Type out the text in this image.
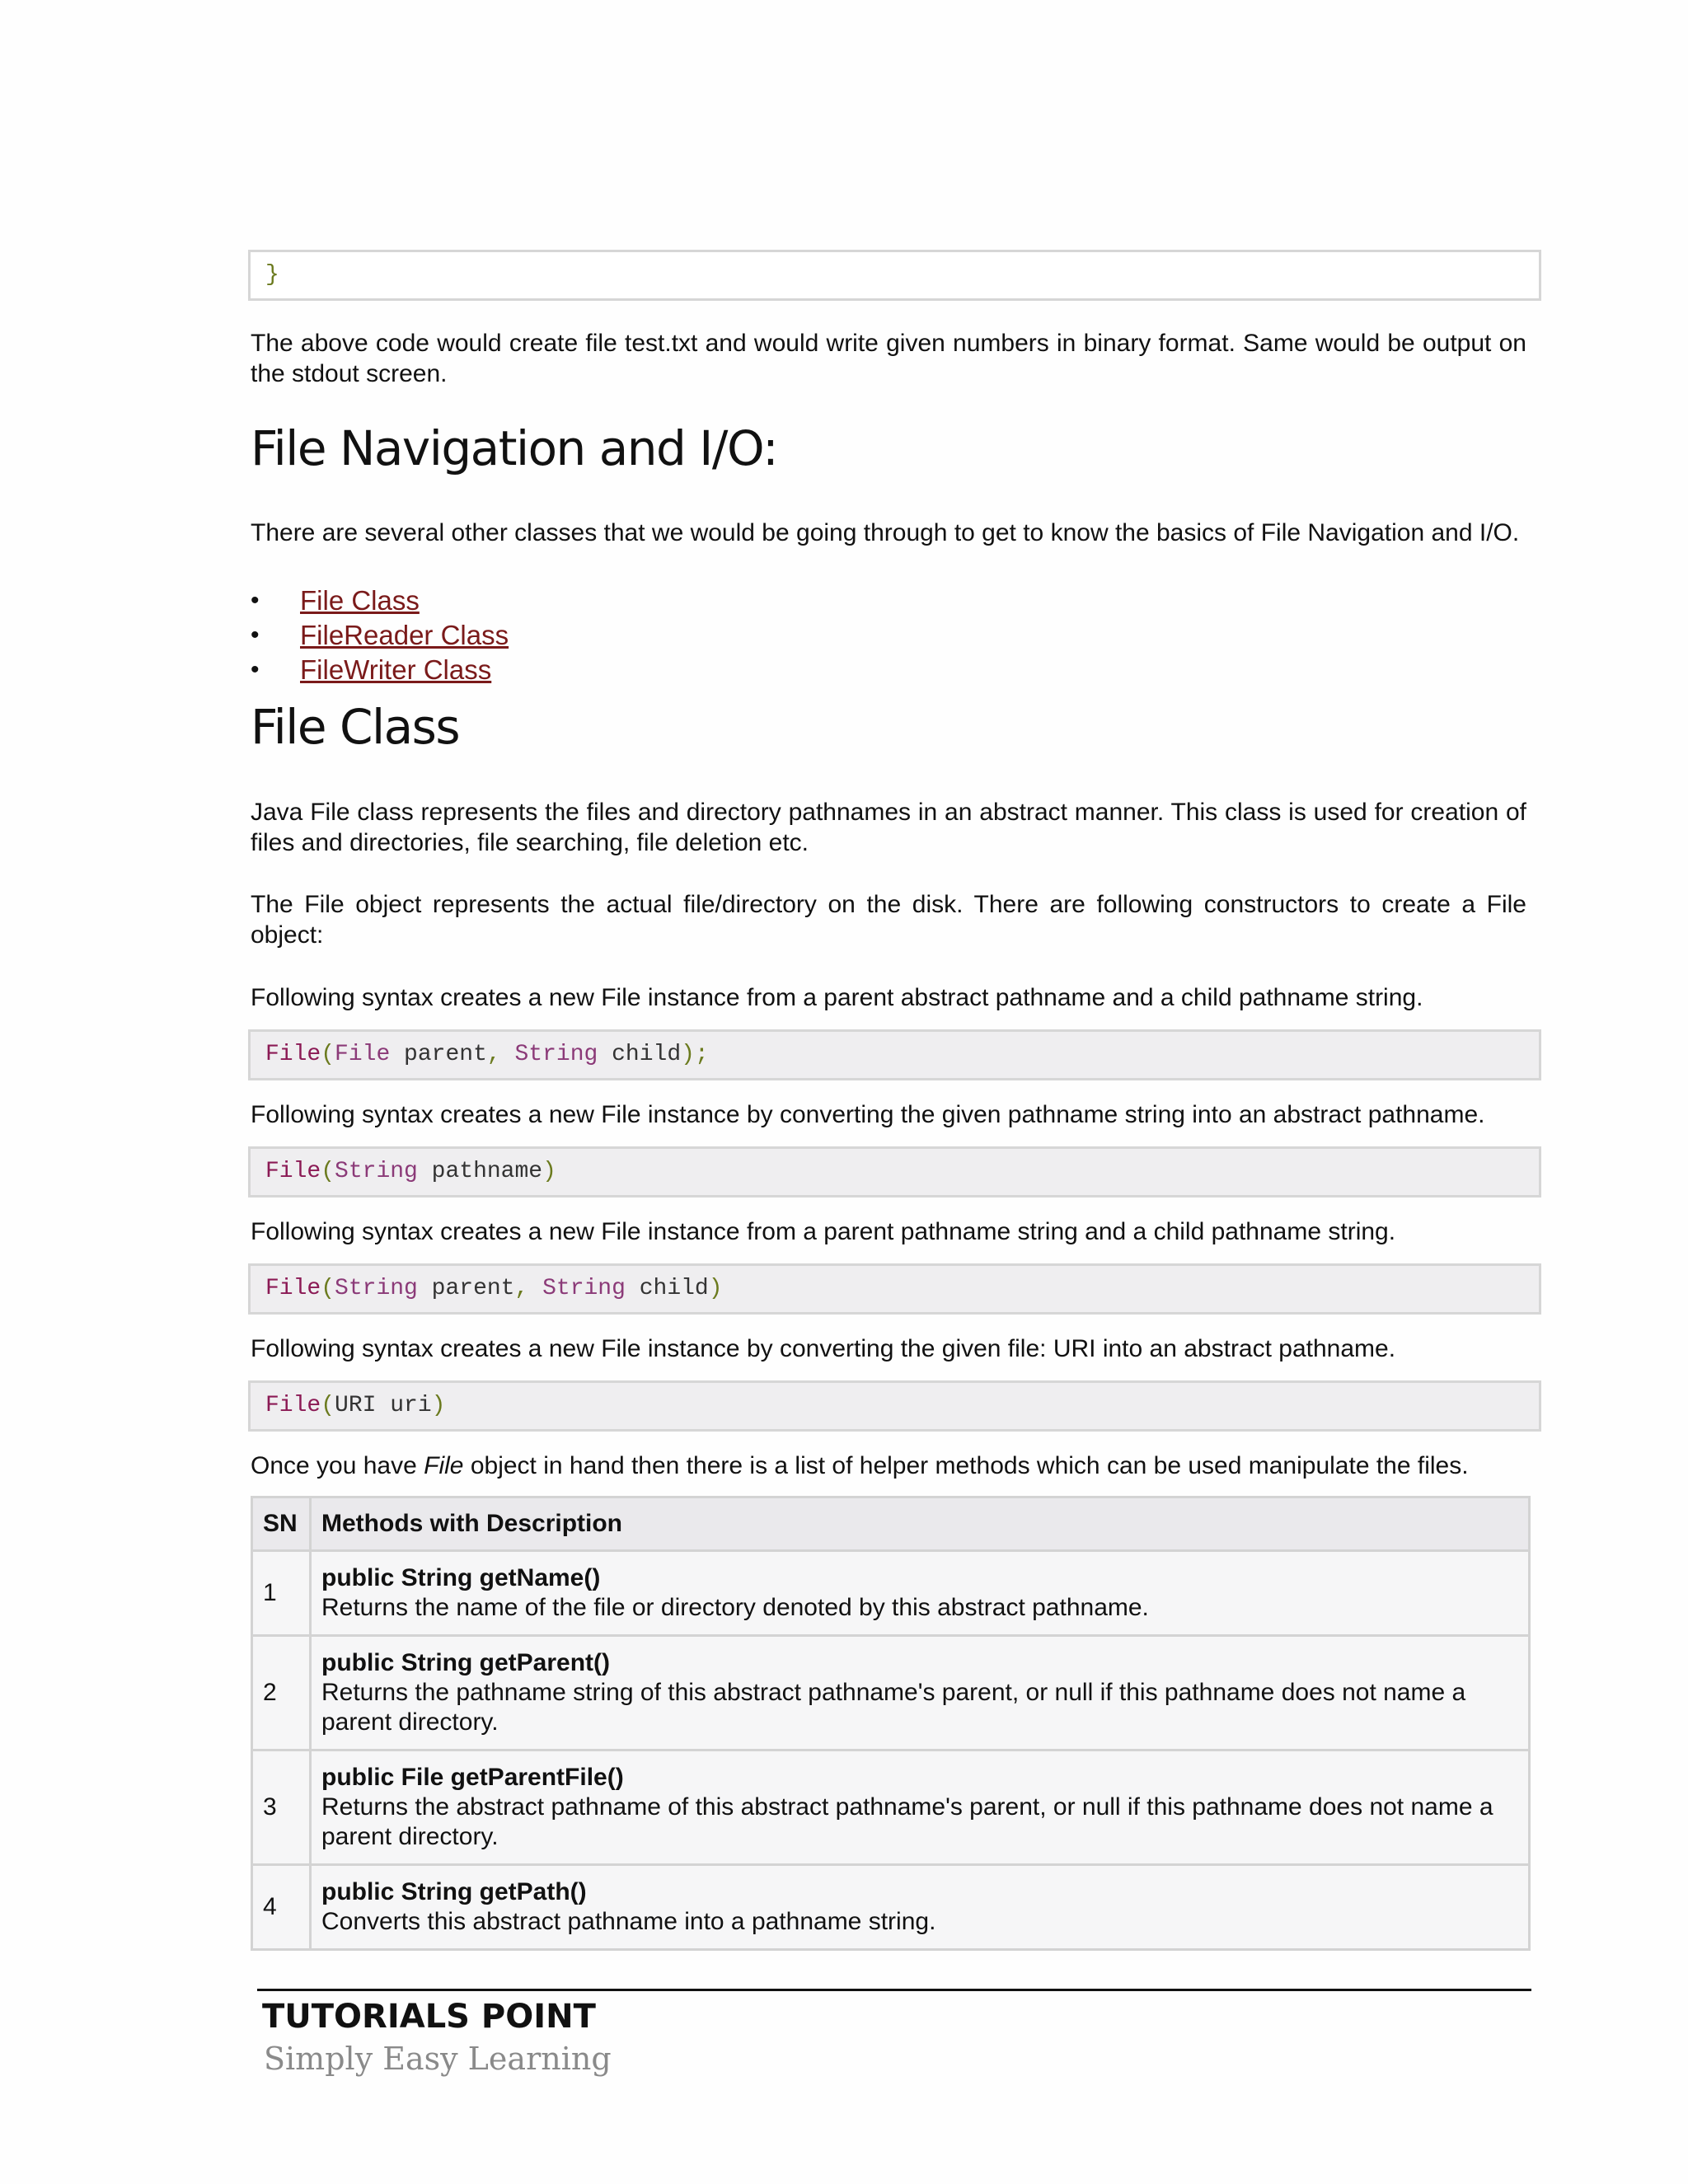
}

The above code would create file test.txt and would write given numbers in binary format. Same would be output on the stdout screen.

File Navigation and I/O:

There are several other classes that we would be going through to get to know the basics of File Navigation and I/O.

• File Class
• FileReader Class
• FileWriter Class
File Class

Java File class represents the files and directory pathnames in an abstract manner. This class is used for creation of files and directories, file searching, file deletion etc.

The File object represents the actual file/directory on the disk. There are following constructors to create a File object:

Following syntax creates a new File instance from a parent abstract pathname and a child pathname string.

File(File parent, String child);

Following syntax creates a new File instance by converting the given pathname string into an abstract pathname.

File(String pathname)

Following syntax creates a new File instance from a parent pathname string and a child pathname string.

File(String parent, String child)

Following syntax creates a new File instance by converting the given file: URI into an abstract pathname.

File(URI uri)

Once you have File object in hand then there is a list of helper methods which can be used manipulate the files.

SN	Methods with Description
1	public String getName()
Returns the name of the file or directory denoted by this abstract pathname.

2	public String getParent()
Returns the pathname string of this abstract pathname's parent, or null if this pathname does not name a parent directory.

3	public File getParentFile()
Returns the abstract pathname of this abstract pathname's parent, or null if this pathname does not name a parent directory.

4	public String getPath()
Converts this abstract pathname into a pathname string.

TUTORIALS POINT

Simply Easy Learning
